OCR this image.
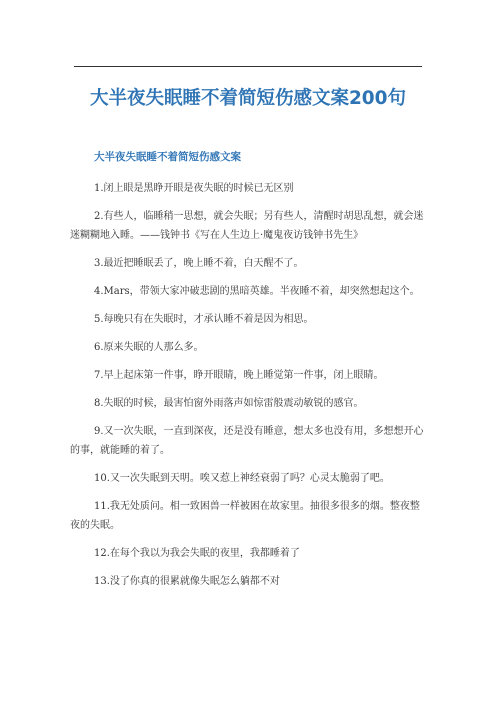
大半夜失眠睡不着简短伤感文案200句
大半夜失眠睡不着简短伤感文案
1.闭上眼是黑睁开眼是夜失眠的时候已无区别
2.有些人，临睡稍一思想，就会失眠；另有些人，清醒时胡思乱想，就会迷迷糊糊地入睡。——钱钟书《写在人生边上·魔鬼夜访钱钟书先生》
3.最近把睡眠丢了，晚上睡不着，白天醒不了。
4.Mars，带领大家冲破悲剧的黑暗英雄。半夜睡不着，却突然想起这个。
5.每晚只有在失眠时，才承认睡不着是因为相思。
6.原来失眠的人那么多。
7.早上起床第一件事，睁开眼睛，晚上睡觉第一件事，闭上眼睛。
8.失眠的时候，最害怕窗外雨落声如惊雷般震动敏锐的感官。
9.又一次失眠，一直到深夜，还是没有睡意，想太多也没有用，多想想开心的事，就能睡的着了。
10.又一次失眠到天明。唉又惹上神经衰弱了吗？心灵太脆弱了吧。
11.我无处质问。相一致困兽一样被困在故家里。抽很多很多的烟。整夜整夜的失眠。
12.在每个我以为我会失眠的夜里，我都睡着了
13.没了你真的很累就像失眠怎么躺都不对
